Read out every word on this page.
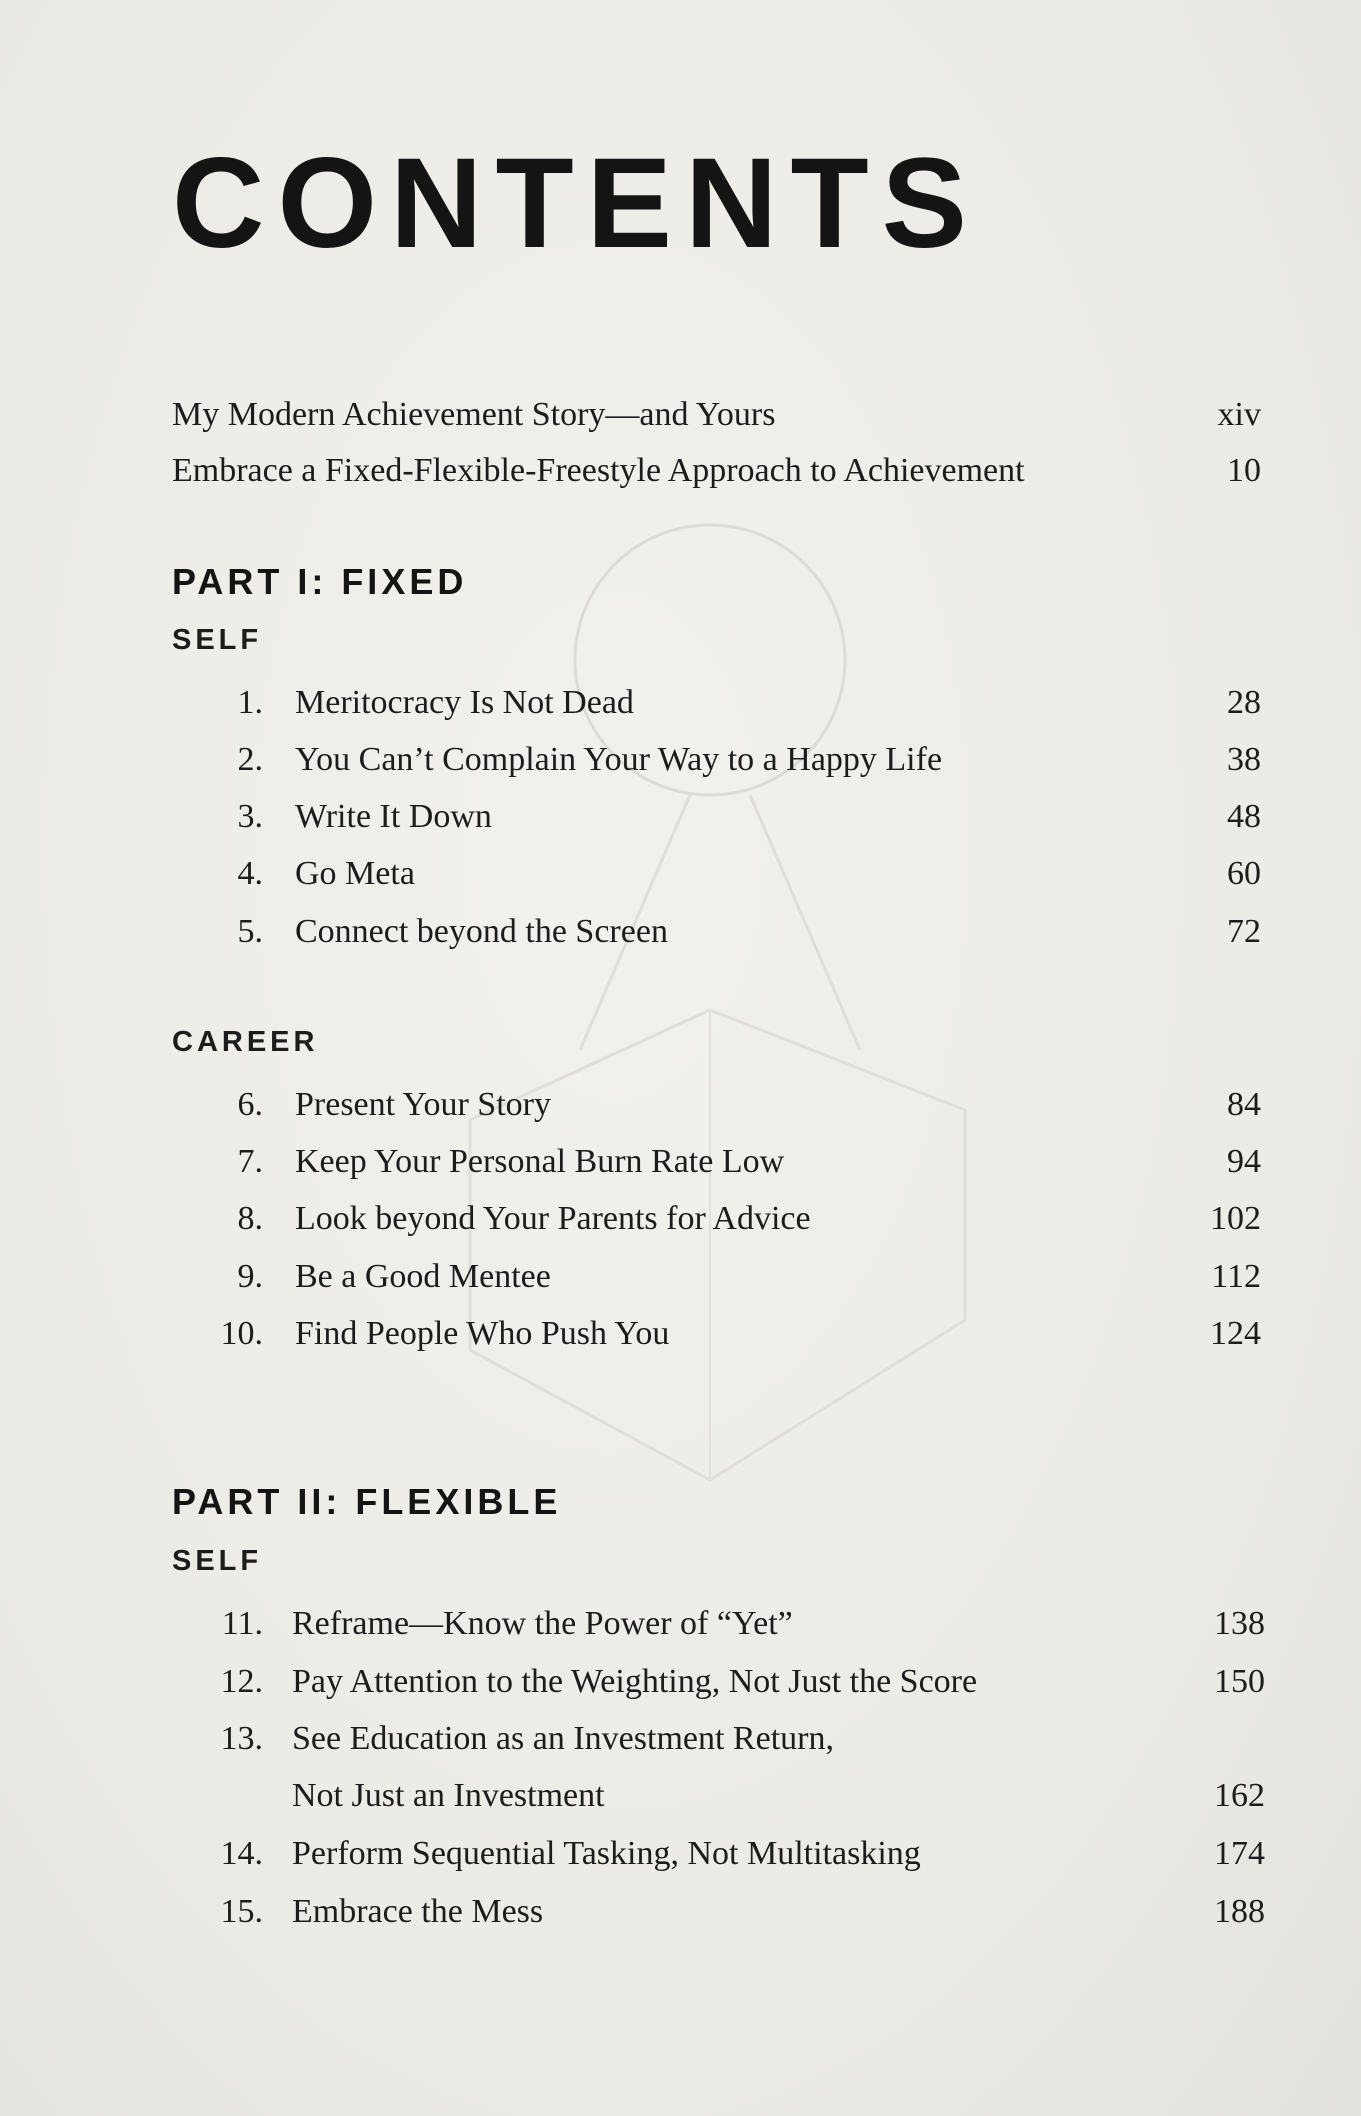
CONTENTS
My Modern Achievement Story—and Yours	xiv
Embrace a Fixed-Flexible-Freestyle Approach to Achievement	10
PART I: FIXED
SELF
1. Meritocracy Is Not Dead	28
2. You Can’t Complain Your Way to a Happy Life	38
3. Write It Down	48
4. Go Meta	60
5. Connect beyond the Screen	72
CAREER
6. Present Your Story	84
7. Keep Your Personal Burn Rate Low	94
8. Look beyond Your Parents for Advice	102
9. Be a Good Mentee	112
10. Find People Who Push You	124
PART II: FLEXIBLE
SELF
11. Reframe—Know the Power of “Yet”	138
12. Pay Attention to the Weighting, Not Just the Score	150
13. See Education as an Investment Return,
Not Just an Investment	162
14. Perform Sequential Tasking, Not Multitasking	174
15. Embrace the Mess	188
